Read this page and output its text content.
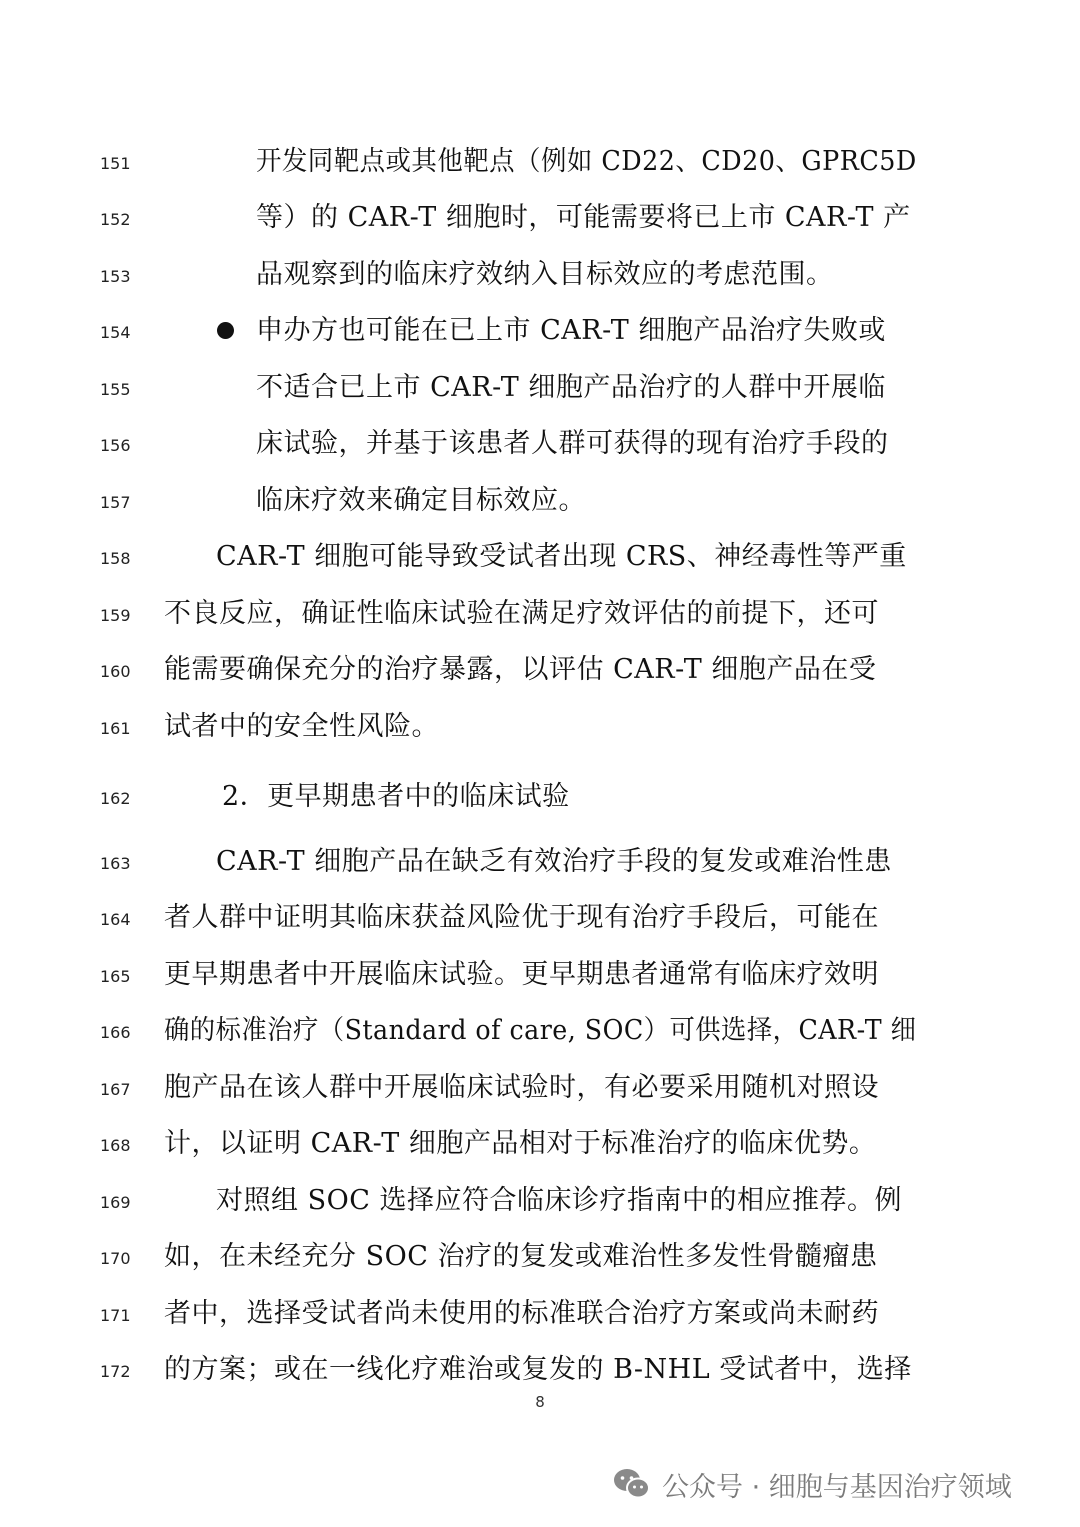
151	开发同靶点或其他靶点（例如 CD22、CD20、GPRC5D
152	等）的 CAR-T 细胞时，可能需要将已上市 CAR-T 产
153	品观察到的临床疗效纳入目标效应的考虑范围。
154	申办方也可能在已上市 CAR-T 细胞产品治疗失败或
155	不适合已上市 CAR-T 细胞产品治疗的人群中开展临
156	床试验，并基于该患者人群可获得的现有治疗手段的
157	临床疗效来确定目标效应。
158	CAR-T 细胞可能导致受试者出现 CRS、神经毒性等严重
159	不良反应，确证性临床试验在满足疗效评估的前提下，还可
160	能需要确保充分的治疗暴露，以评估 CAR-T 细胞产品在受
161	试者中的安全性风险。
162	2．更早期患者中的临床试验
163	CAR-T 细胞产品在缺乏有效治疗手段的复发或难治性患
164	者人群中证明其临床获益风险优于现有治疗手段后，可能在
165	更早期患者中开展临床试验。更早期患者通常有临床疗效明
166	确的标准治疗（Standard of care, SOC）可供选择，CAR-T 细
167	胞产品在该人群中开展临床试验时，有必要采用随机对照设
168	计，以证明 CAR-T 细胞产品相对于标准治疗的临床优势。
169	对照组 SOC 选择应符合临床诊疗指南中的相应推荐。例
170	如，在未经充分 SOC 治疗的复发或难治性多发性骨髓瘤患
171	者中，选择受试者尚未使用的标准联合治疗方案或尚未耐药
172	的方案；或在一线化疗难治或复发的 B-NHL 受试者中，选择
8
公众号 · 细胞与基因治疗领域
